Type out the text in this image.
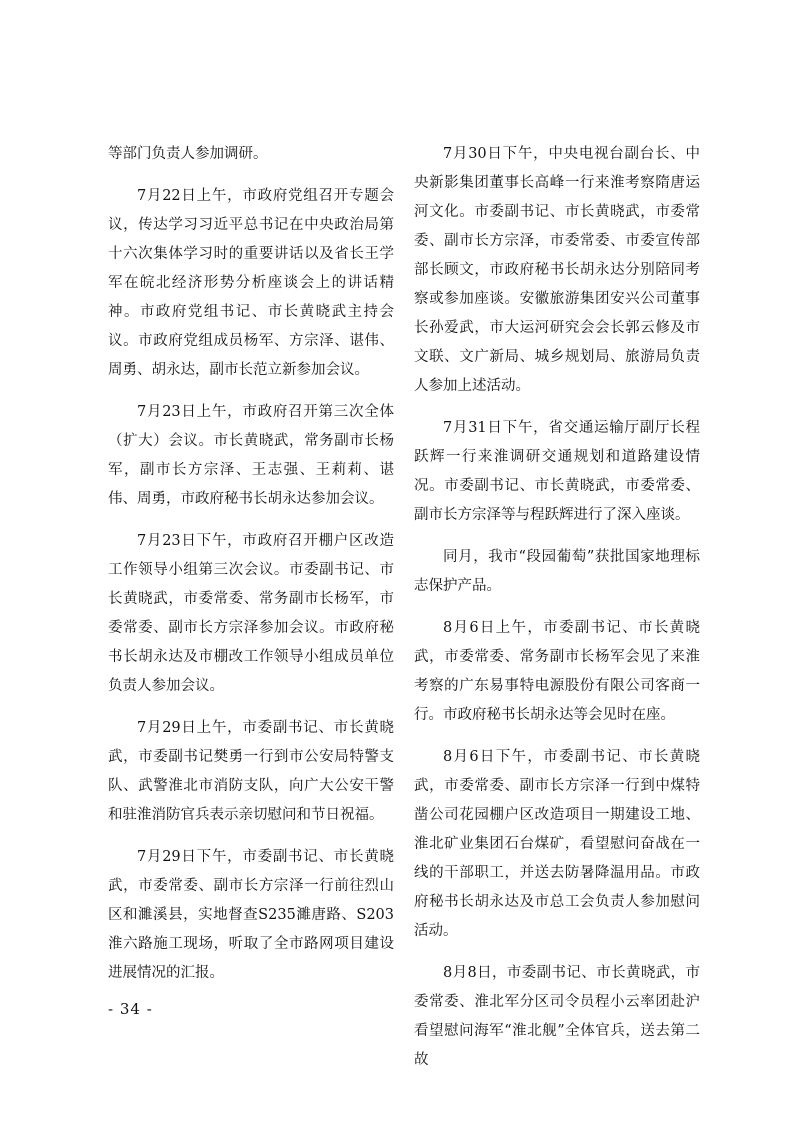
等部门负责人参加调研。

7月22日上午，市政府党组召开专题会议，传达学习习近平总书记在中央政治局第十六次集体学习时的重要讲话以及省长王学军在皖北经济形势分析座谈会上的讲话精神。市政府党组书记、市长黄晓武主持会议。市政府党组成员杨军、方宗泽、谌伟、周勇、胡永达，副市长范立新参加会议。

7月23日上午，市政府召开第三次全体（扩大）会议。市长黄晓武，常务副市长杨军，副市长方宗泽、王志强、王莉莉、谌伟、周勇，市政府秘书长胡永达参加会议。

7月23日下午，市政府召开棚户区改造工作领导小组第三次会议。市委副书记、市长黄晓武，市委常委、常务副市长杨军，市委常委、副市长方宗泽参加会议。市政府秘书长胡永达及市棚改工作领导小组成员单位负责人参加会议。

7月29日上午，市委副书记、市长黄晓武，市委副书记樊勇一行到市公安局特警支队、武警淮北市消防支队，向广大公安干警和驻淮消防官兵表示亲切慰问和节日祝福。

7月29日下午，市委副书记、市长黄晓武，市委常委、副市长方宗泽一行前往烈山区和濉溪县，实地督查S235濉唐路、S203淮六路施工现场，听取了全市路网项目建设进展情况的汇报。

7月30日下午，中央电视台副台长、中央新影集团董事长高峰一行来淮考察隋唐运河文化。市委副书记、市长黄晓武，市委常委、副市长方宗泽，市委常委、市委宣传部部长顾文，市政府秘书长胡永达分别陪同考察或参加座谈。安徽旅游集团安兴公司董事长孙爱武，市大运河研究会会长郭云修及市文联、文广新局、城乡规划局、旅游局负责人参加上述活动。

7月31日下午，省交通运输厅副厅长程跃辉一行来淮调研交通规划和道路建设情况。市委副书记、市长黄晓武，市委常委、副市长方宗泽等与程跃辉进行了深入座谈。

同月，我市“段园葡萄”获批国家地理标志保护产品。

8月6日上午，市委副书记、市长黄晓武，市委常委、常务副市长杨军会见了来淮考察的广东易事特电源股份有限公司客商一行。市政府秘书长胡永达等会见时在座。

8月6日下午，市委副书记、市长黄晓武，市委常委、副市长方宗泽一行到中煤特凿公司花园棚户区改造项目一期建设工地、淮北矿业集团石台煤矿，看望慰问奋战在一线的干部职工，并送去防暑降温用品。市政府秘书长胡永达及市总工会负责人参加慰问活动。

8月8日，市委副书记、市长黄晓武，市委常委、淮北军分区司令员程小云率团赴沪看望慰问海军“淮北舰”全体官兵，送去第二故

- 34 -
